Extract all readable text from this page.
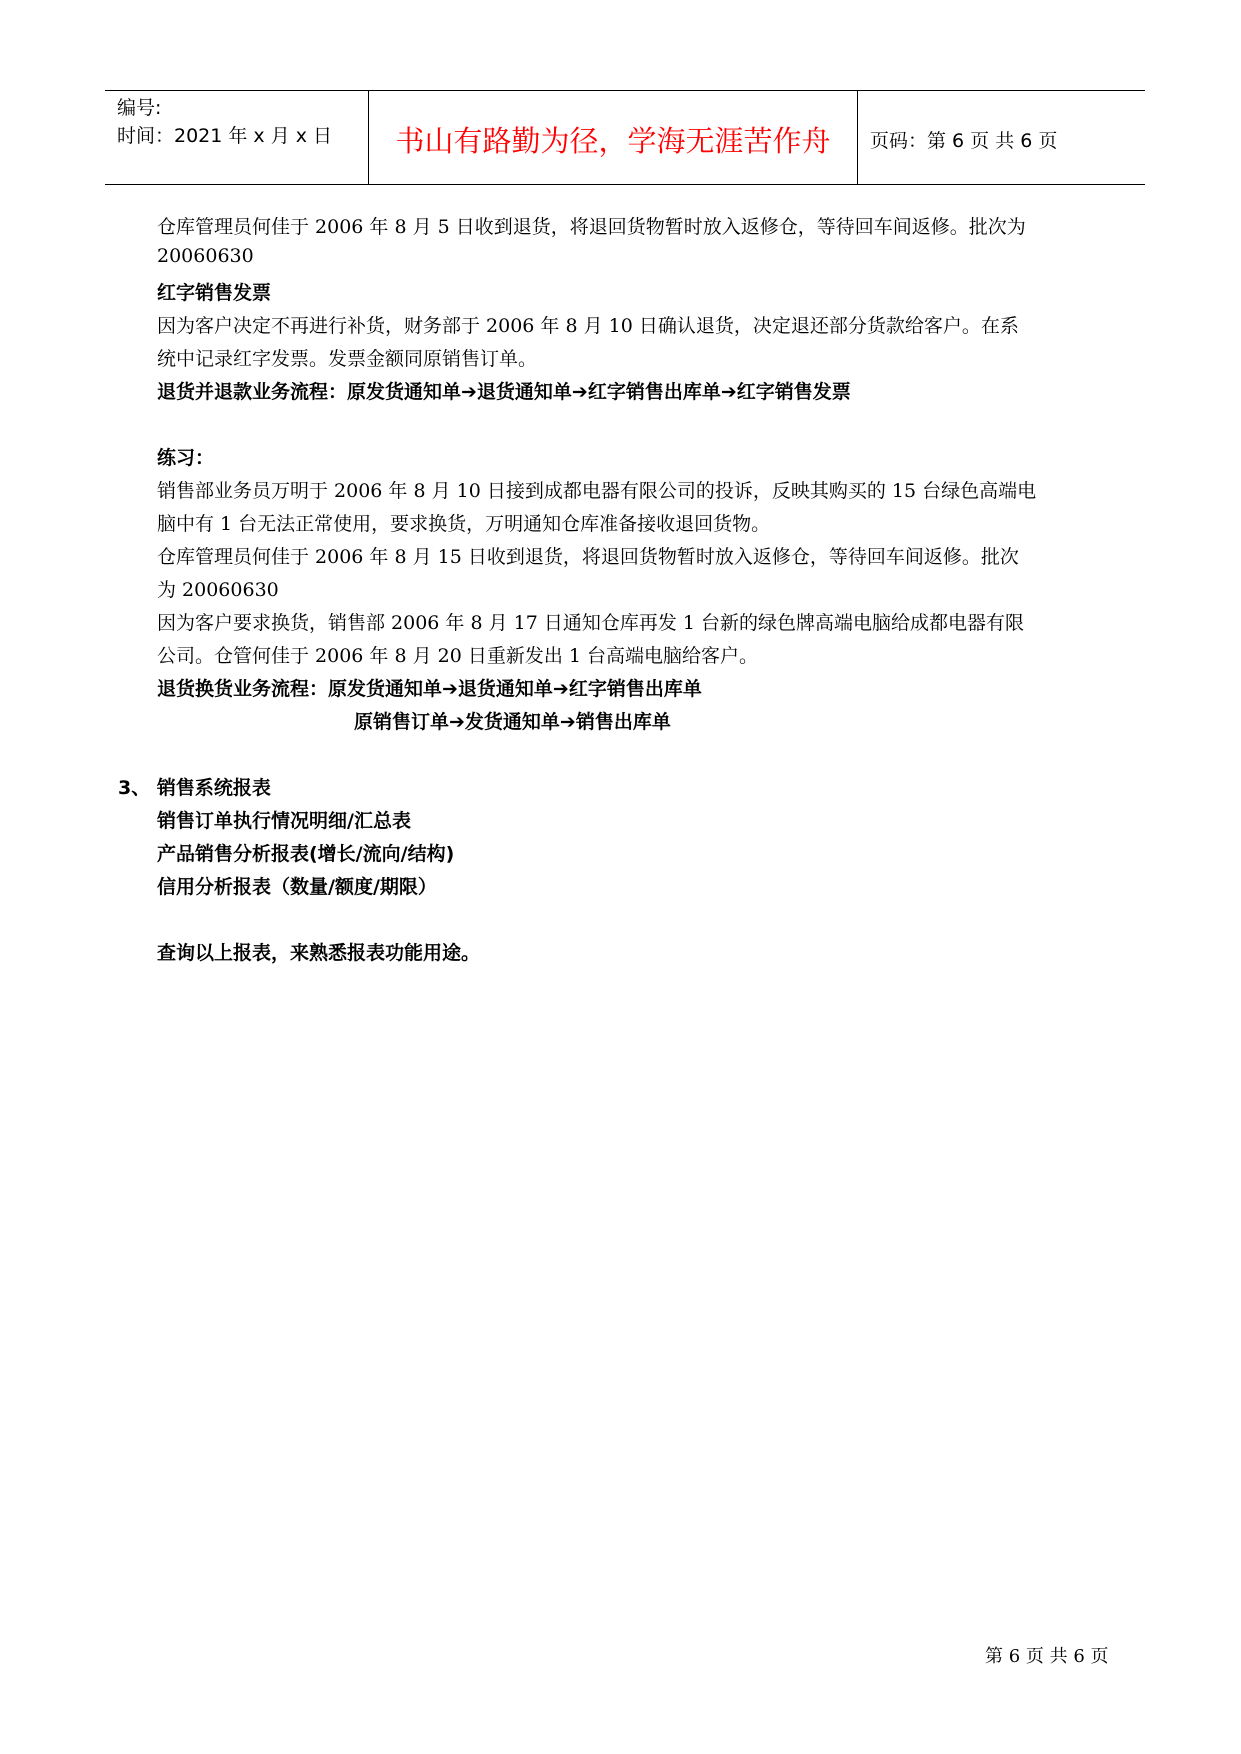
编号:
时间：2021 年 x 月 x 日	书山有路勤为径，学海无涯苦作舟	页码：第 6 页 共 6 页
仓库管理员何佳于 2006 年 8 月 5 日收到退货，将退回货物暂时放入返修仓，等待回车间返修。批次为
20060630
红字销售发票
因为客户决定不再进行补货，财务部于 2006 年 8 月 10 日确认退货，决定退还部分货款给客户。在系
统中记录红字发票。发票金额同原销售订单。
退货并退款业务流程：原发货通知单➔退货通知单➔红字销售出库单➔红字销售发票
练习：
销售部业务员万明于 2006 年 8 月 10 日接到成都电器有限公司的投诉，反映其购买的 15 台绿色高端电
脑中有 1 台无法正常使用，要求换货，万明通知仓库准备接收退回货物。
仓库管理员何佳于 2006 年 8 月 15 日收到退货，将退回货物暂时放入返修仓，等待回车间返修。批次
为 20060630
因为客户要求换货，销售部 2006 年 8 月 17 日通知仓库再发 1 台新的绿色牌高端电脑给成都电器有限
公司。仓管何佳于 2006 年 8 月 20 日重新发出 1 台高端电脑给客户。
退货换货业务流程：原发货通知单➔退货通知单➔红字销售出库单
原销售订单➔发货通知单➔销售出库单
3、 销售系统报表
销售订单执行情况明细/汇总表
产品销售分析报表(增长/流向/结构)
信用分析报表（数量/额度/期限）
查询以上报表，来熟悉报表功能用途。
第 6 页 共 6 页
